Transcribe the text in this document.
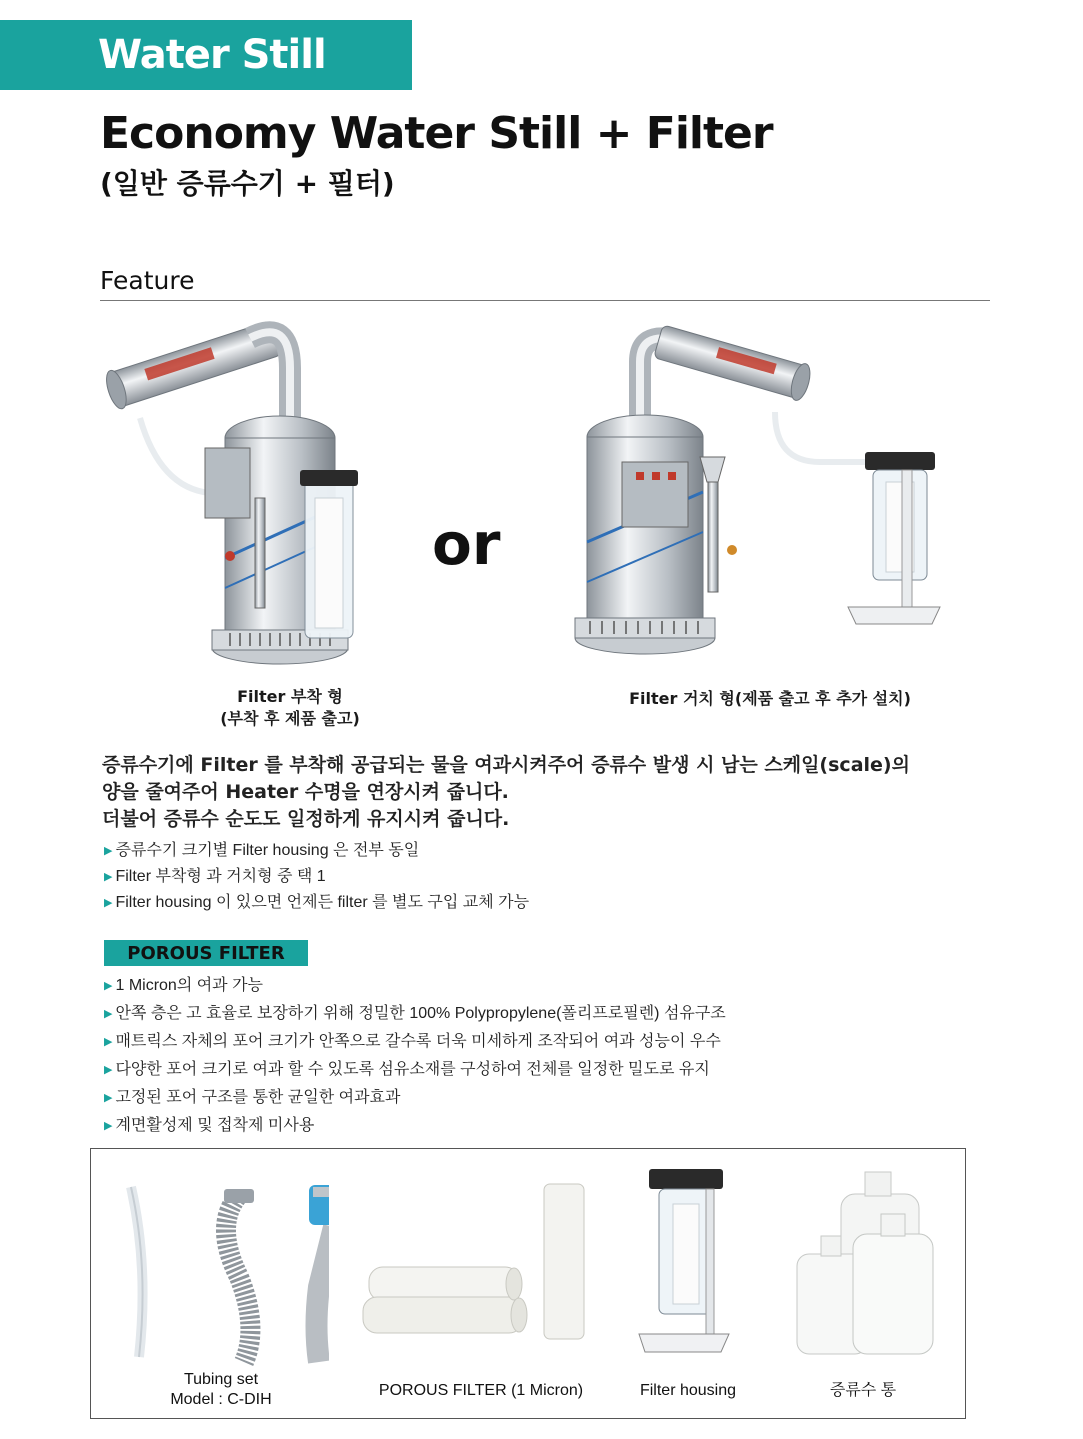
Water Still
Economy Water Still + Filter
(일반 증류수기 + 필터)
Feature
or
Filter 부착 형
(부착 후 제품 출고)
Filter 거치 형(제품 출고 후 추가 설치)
증류수기에 Filter 를 부착해 공급되는 물을 여과시켜주어 증류수 발생 시 남는 스케일(scale)의
양을 줄여주어 Heater 수명을 연장시켜 줍니다.
더불어 증류수 순도도 일정하게 유지시켜 줍니다.
▶ 증류수기 크기별 Filter housing 은 전부 동일
▶ Filter 부착형 과 거치형 중 택 1
▶ Filter housing 이 있으면 언제든 filter 를 별도 구입 교체 가능
POROUS FILTER
▶ 1 Micron의 여과 가능
▶ 안쪽 층은 고 효율로 보장하기 위해 정밀한 100% Polypropylene(폴리프로필렌) 섬유구조
▶ 매트릭스 자체의 포어 크기가 안쪽으로 갈수록 더욱 미세하게 조작되어 여과 성능이 우수
▶ 다양한 포어 크기로 여과 할 수 있도록 섬유소재를 구성하여 전체를 일정한 밀도로 유지
▶ 고정된 포어 구조를 통한 균일한 여과효과
▶ 계면활성제 및 접착제 미사용
Tubing set
Model : C-DIH
POROUS FILTER (1 Micron)	Filter housing	증류수 통
